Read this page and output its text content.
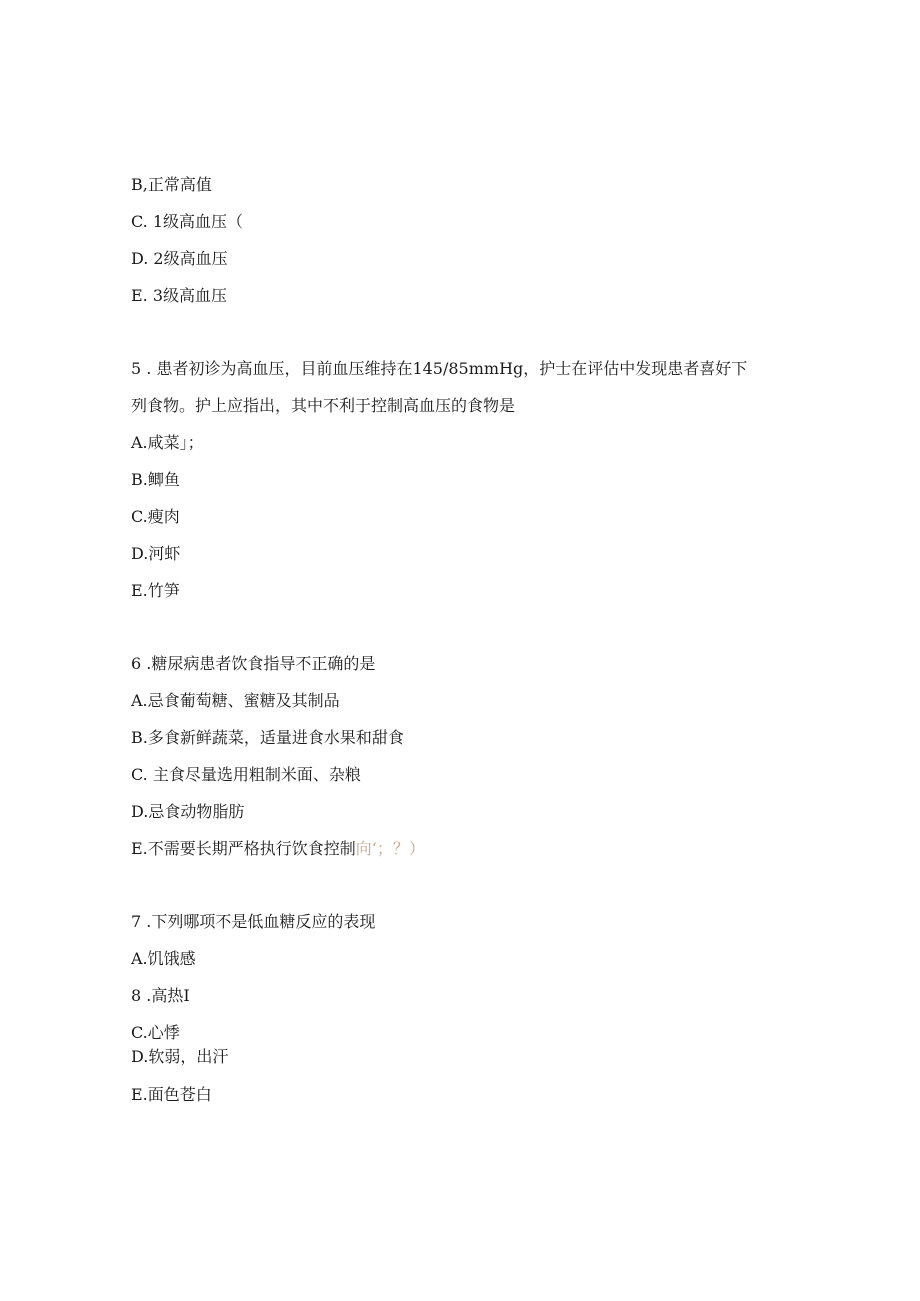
B,正常高值
C. 1级高血压（
D. 2级高血压
E. 3级高血压
5 . 患者初诊为高血压，目前血压维持在145/85mmHg，护士在评估中发现患者喜好下
列食物。护上应指出，其中不利于控制高血压的食物是
A.咸菜」；
B.鲫鱼
C.瘦肉
D.河虾
E.竹笋
6 .糖尿病患者饮食指导不正确的是
A.忌食葡萄糖、蜜糖及其制品
B.多食新鲜蔬菜，适量进食水果和甜食
C. 主食尽量选用粗制米面、杂粮
D.忌食动物脂肪
E.不需要长期严格执行饮食控制向‘；？）
7 .下列哪项不是低血糖反应的表现
A.饥饿感
8 .高热I
C.心悸
D.软弱，出汗
E.面色苍白
